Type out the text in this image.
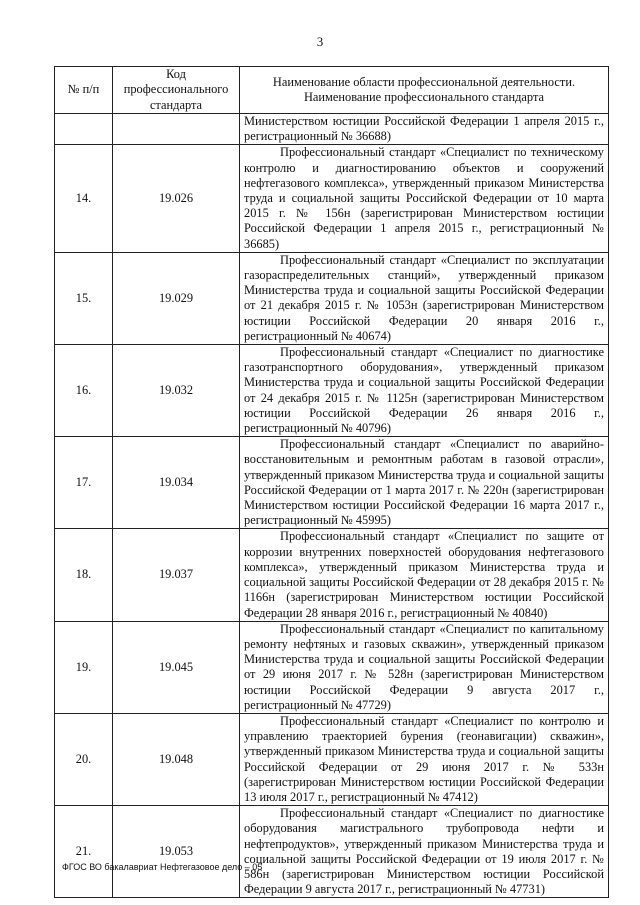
3
№ п/п	Код профессионального стандарта	Наименование области профессиональной деятельности. Наименование профессионального стандарта
		Министерством юстиции Российской Федерации 1 апреля 2015 г., регистрационный № 36688)
14.	19.026	Профессиональный стандарт «Специалист по техническому контролю и диагностированию объектов и сооружений нефтегазового комплекса», утвержденный приказом Министерства труда и социальной защиты Российской Федерации от 10 марта 2015 г. № 156н (зарегистрирован Министерством юстиции Российской Федерации 1 апреля 2015 г., регистрационный № 36685)
15.	19.029	Профессиональный стандарт «Специалист по эксплуатации газораспределительных станций», утвержденный приказом Министерства труда и социальной защиты Российской Федерации от 21 декабря 2015 г. № 1053н (зарегистрирован Министерством юстиции Российской Федерации 20 января 2016 г., регистрационный № 40674)
16.	19.032	Профессиональный стандарт «Специалист по диагностике газотранспортного оборудования», утвержденный приказом Министерства труда и социальной защиты Российской Федерации от 24 декабря 2015 г. № 1125н (зарегистрирован Министерством юстиции Российской Федерации 26 января 2016 г., регистрационный № 40796)
17.	19.034	Профессиональный стандарт «Специалист по аварийно-восстановительным и ремонтным работам в газовой отрасли», утвержденный приказом Министерства труда и социальной защиты Российской Федерации от 1 марта 2017 г. № 220н (зарегистрирован Министерством юстиции Российской Федерации 16 марта 2017 г., регистрационный № 45995)
18.	19.037	Профессиональный стандарт «Специалист по защите от коррозии внутренних поверхностей оборудования нефтегазового комплекса», утвержденный приказом Министерства труда и социальной защиты Российской Федерации от 28 декабря 2015 г. № 1166н (зарегистрирован Министерством юстиции Российской Федерации 28 января 2016 г., регистрационный № 40840)
19.	19.045	Профессиональный стандарт «Специалист по капитальному ремонту нефтяных и газовых скважин», утвержденный приказом Министерства труда и социальной защиты Российской Федерации от 29 июня 2017 г. № 528н (зарегистрирован Министерством юстиции Российской Федерации 9 августа 2017 г., регистрационный № 47729)
20.	19.048	Профессиональный стандарт «Специалист по контролю и управлению траекторией бурения (геонавигации) скважин», утвержденный приказом Министерства труда и социальной защиты Российской Федерации от 29 июня 2017 г. № 533н (зарегистрирован Министерством юстиции Российской Федерации 13 июля 2017 г., регистрационный № 47412)
21.	19.053	Профессиональный стандарт «Специалист по диагностике оборудования магистрального трубопровода нефти и нефтепродуктов», утвержденный приказом Министерства труда и социальной защиты Российской Федерации от 19 июля 2017 г. № 586н (зарегистрирован Министерством юстиции Российской Федерации 9 августа 2017 г., регистрационный № 47731)
ФГОС ВО бакалавриат Нефтегазовое дело – 05
